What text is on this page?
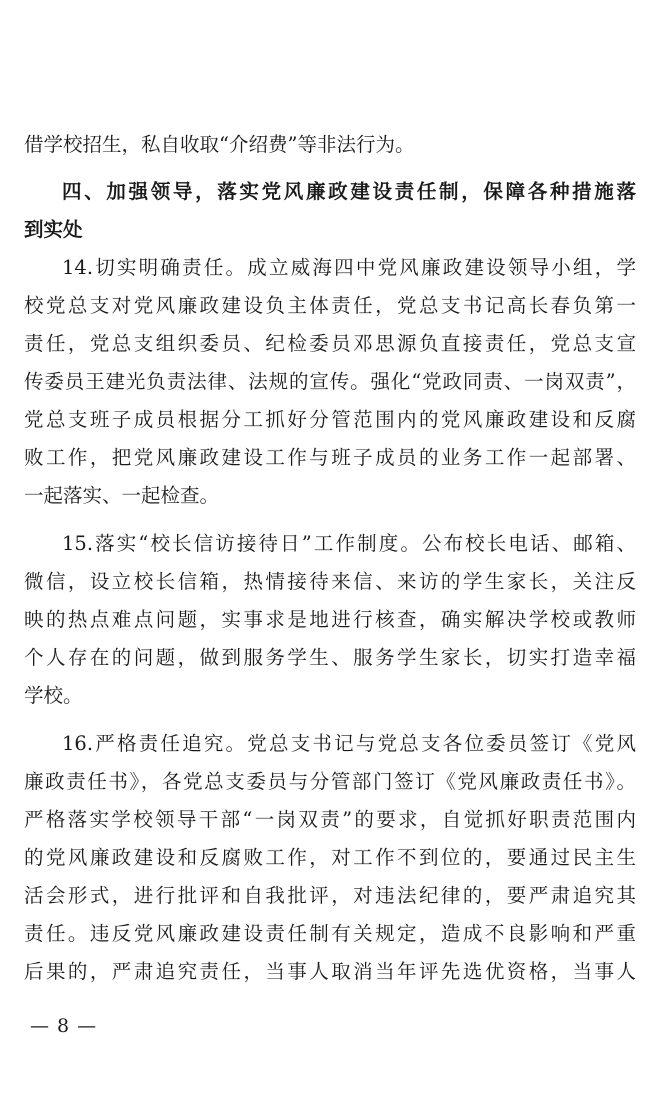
借学校招生，私自收取“介绍费”等非法行为。
四、加强领导，落实党风廉政建设责任制，保障各种措施落
到实处
14.切实明确责任。成立威海四中党风廉政建设领导小组，学
校党总支对党风廉政建设负主体责任，党总支书记高长春负第一
责任，党总支组织委员、纪检委员邓思源负直接责任，党总支宣
传委员王建光负责法律、法规的宣传。强化“党政同责、一岗双责”，
党总支班子成员根据分工抓好分管范围内的党风廉政建设和反腐
败工作，把党风廉政建设工作与班子成员的业务工作一起部署、
一起落实、一起检查。
15.落实“校长信访接待日”工作制度。公布校长电话、邮箱、
微信，设立校长信箱，热情接待来信、来访的学生家长，关注反
映的热点难点问题，实事求是地进行核查，确实解决学校或教师
个人存在的问题，做到服务学生、服务学生家长，切实打造幸福
学校。
16.严格责任追究。党总支书记与党总支各位委员签订《党风
廉政责任书》，各党总支委员与分管部门签订《党风廉政责任书》。
严格落实学校领导干部“一岗双责”的要求，自觉抓好职责范围内
的党风廉政建设和反腐败工作，对工作不到位的，要通过民主生
活会形式，进行批评和自我批评，对违法纪律的，要严肃追究其
责任。违反党风廉政建设责任制有关规定，造成不良影响和严重
后果的，严肃追究责任，当事人取消当年评先选优资格，当事人
— 8 —
